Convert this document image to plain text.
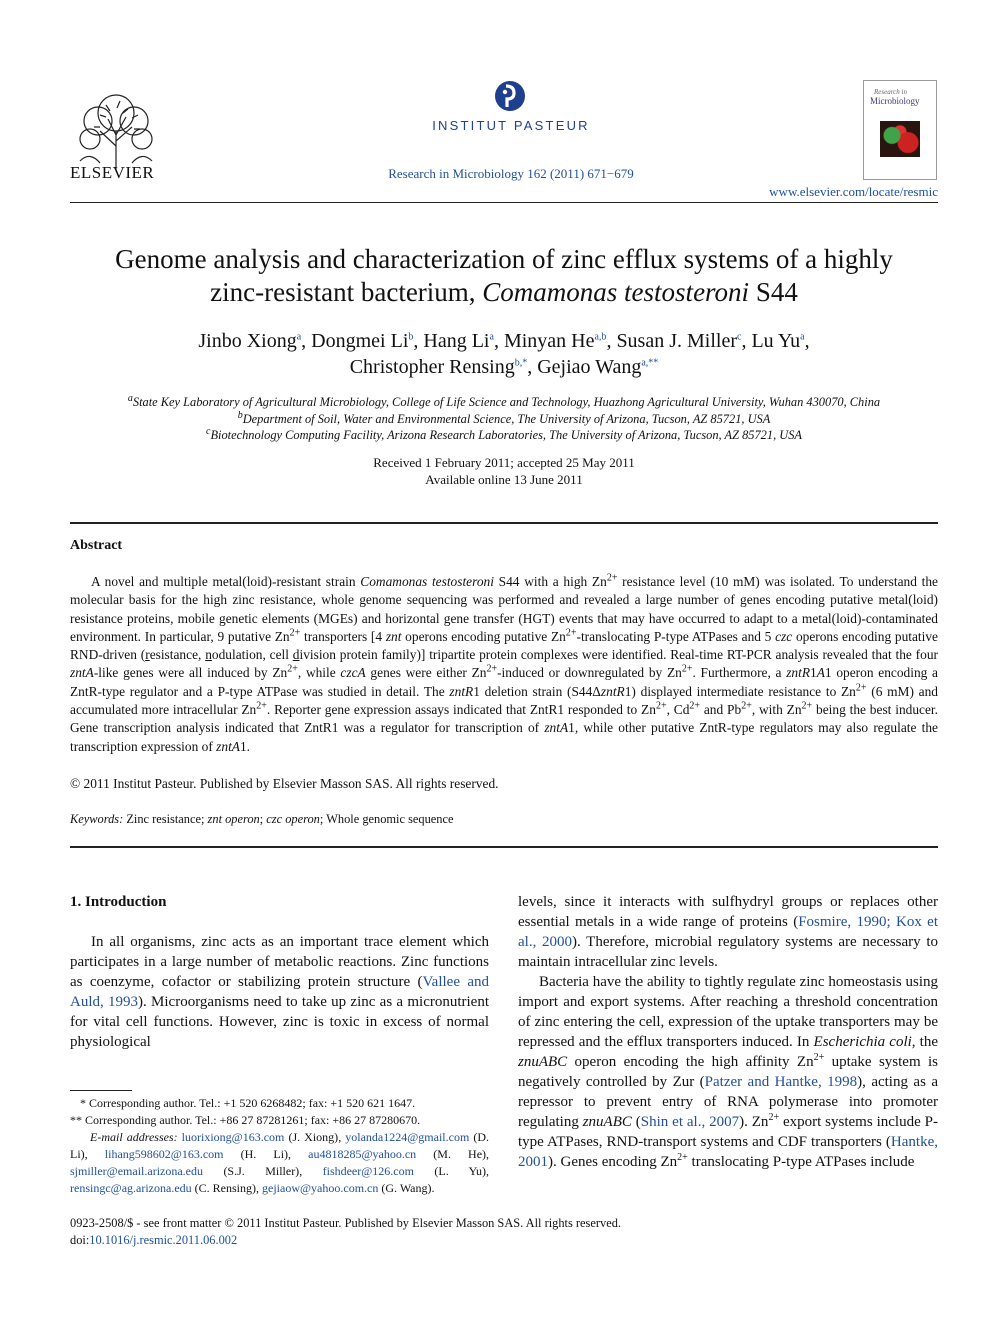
ELSEVIER
INSTITUT PASTEUR
Research in Microbiology 162 (2011) 671−679
Research in
Microbiology
www.elsevier.com/locate/resmic
Genome analysis and characterization of zinc efflux systems of a highly
zinc-resistant bacterium, Comamonas testosteroni S44
Jinbo Xiong$^a$, Dongmei Li$^b$, Hang Li$^a$, Minyan He$^{a,b}$, Susan J. Miller$^c$, Lu Yu$^a$,
Christopher Rensing$^{b,*}$, Gejiao Wang$^{a,**}$
$^a$State Key Laboratory of Agricultural Microbiology, College of Life Science and Technology, Huazhong Agricultural University, Wuhan 430070, China
$^b$Department of Soil, Water and Environmental Science, The University of Arizona, Tucson, AZ 85721, USA
$^c$Biotechnology Computing Facility, Arizona Research Laboratories, The University of Arizona, Tucson, AZ 85721, USA
Received 1 February 2011; accepted 25 May 2011
Available online 13 June 2011
Abstract
A novel and multiple metal(loid)-resistant strain Comamonas testosteroni S44 with a high $Zn^{2+}$ resistance level (10 mM) was isolated. To understand the molecular basis for the high zinc resistance, whole genome sequencing was performed and revealed a large number of genes encoding putative metal(loid) resistance proteins, mobile genetic elements (MGEs) and horizontal gene transfer (HGT) events that may have occurred to adapt to a metal(loid)-contaminated environment. In particular, 9 putative $Zn^{2+}$ transporters [4 znt operons encoding putative $Zn^{2+}$-translocating P-type ATPases and 5 czc operons encoding putative RND-driven (resistance, nodulation, cell division protein family)] tripartite protein complexes were identified. Real-time RT-PCR analysis revealed that the four zntA-like genes were all induced by $Zn^{2+}$, while czcA genes were either $Zn^{2+}$-induced or downregulated by $Zn^{2+}$. Furthermore, a zntR1A1 operon encoding a ZntR-type regulator and a P-type ATPase was studied in detail. The zntR1 deletion strain (S44ΔzntR1) displayed intermediate resistance to $Zn^{2+}$ (6 mM) and accumulated more intracellular $Zn^{2+}$. Reporter gene expression assays indicated that ZntR1 responded to $Zn^{2+}$, $Cd^{2+}$ and $Pb^{2+}$, with $Zn^{2+}$ being the best inducer. Gene transcription analysis indicated that ZntR1 was a regulator for transcription of zntA1, while other putative ZntR-type regulators may also regulate the transcription expression of zntA1.
© 2011 Institut Pasteur. Published by Elsevier Masson SAS. All rights reserved.
Keywords: Zinc resistance; znt operon; czc operon; Whole genomic sequence
1. Introduction
In all organisms, zinc acts as an important trace element which participates in a large number of metabolic reactions. Zinc functions as coenzyme, cofactor or stabilizing protein structure (Vallee and Auld, 1993). Microorganisms need to take up zinc as a micronutrient for vital cell functions. However, zinc is toxic in excess of normal physiological

levels, since it interacts with sulfhydryl groups or replaces other essential metals in a wide range of proteins (Fosmire, 1990; Kox et al., 2000). Therefore, microbial regulatory systems are necessary to maintain intracellular zinc levels.

Bacteria have the ability to tightly regulate zinc homeostasis using import and export systems. After reaching a threshold concentration of zinc entering the cell, expression of the uptake transporters may be repressed and the efflux transporters induced. In Escherichia coli, the znuABC operon encoding the high affinity $Zn^{2+}$ uptake system is negatively controlled by Zur (Patzer and Hantke, 1998), acting as a repressor to prevent entry of RNA polymerase into promoter regulating znuABC (Shin et al., 2007). $Zn^{2+}$ export systems include P-type ATPases, RND-transport systems and CDF transporters (Hantke, 2001). Genes encoding $Zn^{2+}$ translocating P-type ATPases include

* Corresponding author. Tel.: +1 520 6268482; fax: +1 520 621 1647.
** Corresponding author. Tel.: +86 27 87281261; fax: +86 27 87280670.
E-mail addresses: luorixiong@163.com (J. Xiong), yolanda1224@gmail.com (D. Li), lihang598602@163.com (H. Li), au4818285@yahoo.cn (M. He), sjmiller@email.arizona.edu (S.J. Miller), fishdeer@126.com (L. Yu), rensingc@ag.arizona.edu (C. Rensing), gejiaow@yahoo.com.cn (G. Wang).
0923-2508/$ - see front matter © 2011 Institut Pasteur. Published by Elsevier Masson SAS. All rights reserved.
doi:10.1016/j.resmic.2011.06.002
